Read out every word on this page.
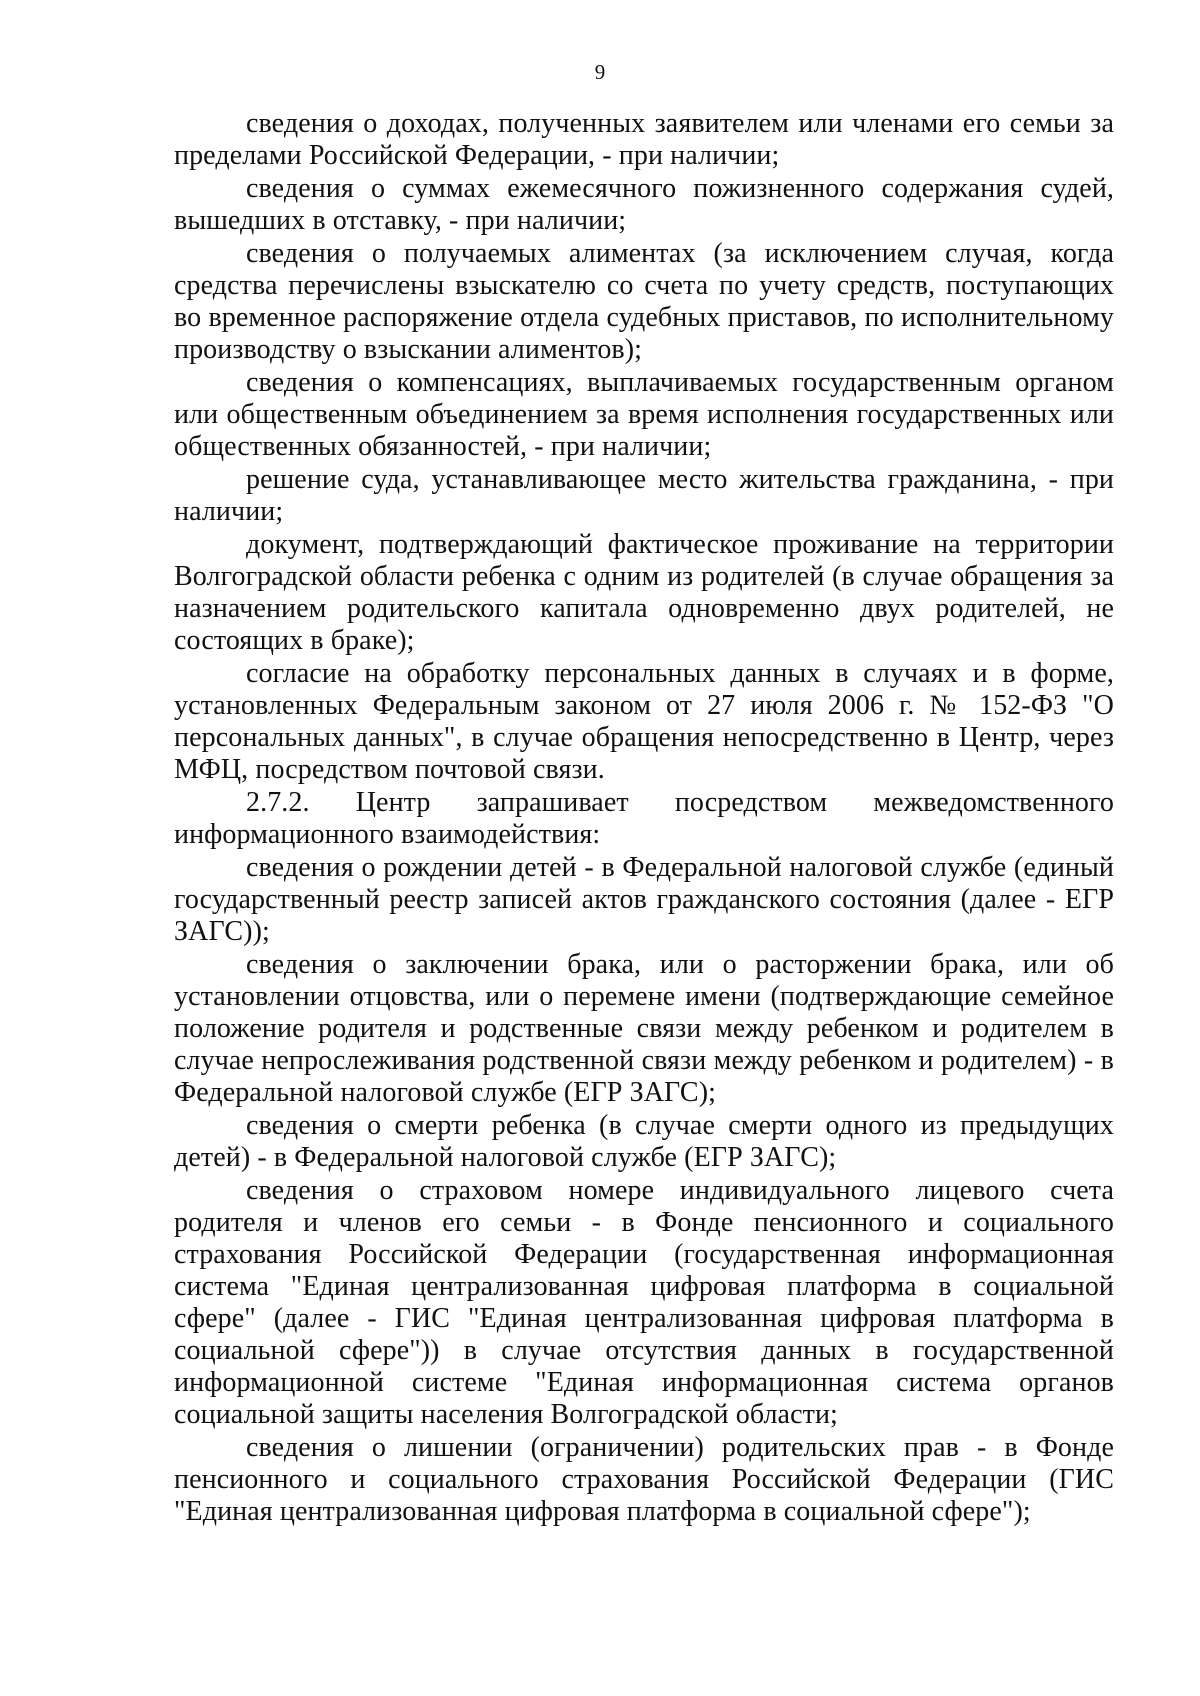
9

сведения о доходах, полученных заявителем или членами его семьи за пределами Российской Федерации, - при наличии;

сведения о суммах ежемесячного пожизненного содержания судей, вышедших в отставку, - при наличии;

сведения о получаемых алиментах (за исключением случая, когда средства перечислены взыскателю со счета по учету средств, поступающих во временное распоряжение отдела судебных приставов, по исполнительному производству о взыскании алиментов);

сведения о компенсациях, выплачиваемых государственным органом или общественным объединением за время исполнения государственных или общественных обязанностей, - при наличии;

решение суда, устанавливающее место жительства гражданина, - при наличии;

документ, подтверждающий фактическое проживание на территории Волгоградской области ребенка с одним из родителей (в случае обращения за назначением родительского капитала одновременно двух родителей, не состоящих в браке);

согласие на обработку персональных данных в случаях и в форме, установленных Федеральным законом от 27 июля 2006 г. № 152-ФЗ "О персональных данных", в случае обращения непосредственно в Центр, через МФЦ, посредством почтовой связи.

2.7.2. Центр запрашивает посредством межведомственного информационного взаимодействия:

сведения о рождении детей - в Федеральной налоговой службе (единый государственный реестр записей актов гражданского состояния (далее - ЕГР ЗАГС));

сведения о заключении брака, или о расторжении брака, или об установлении отцовства, или о перемене имени (подтверждающие семейное положение родителя и родственные связи между ребенком и родителем в случае непрослеживания родственной связи между ребенком и родителем) - в Федеральной налоговой службе (ЕГР ЗАГС);

сведения о смерти ребенка (в случае смерти одного из предыдущих детей) - в Федеральной налоговой службе (ЕГР ЗАГС);

сведения о страховом номере индивидуального лицевого счета родителя и членов его семьи - в Фонде пенсионного и социального страхования Российской Федерации (государственная информационная система "Единая централизованная цифровая платформа в социальной сфере" (далее - ГИС "Единая централизованная цифровая платформа в социальной сфере")) в случае отсутствия данных в государственной информационной системе "Единая информационная система органов социальной защиты населения Волгоградской области;

сведения о лишении (ограничении) родительских прав - в Фонде пенсионного и социального страхования Российской Федерации (ГИС "Единая централизованная цифровая платформа в социальной сфере");
